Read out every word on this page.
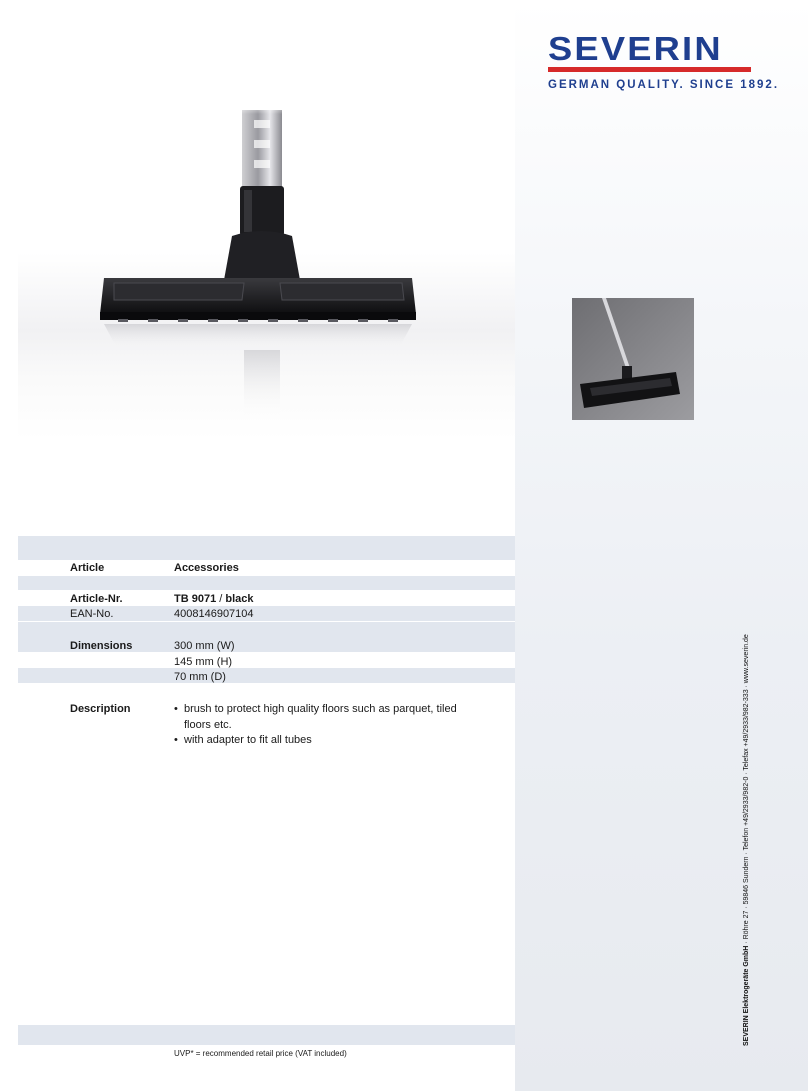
SEVERIN
GERMAN QUALITY. SINCE 1892.
Article	Accessories
Article-Nr.	TB 9071 / black
EAN-No.	4008146907104
Dimensions	300 mm (W)
145 mm (H)
70 mm (D)
Description	• brush to protect high quality floors such as parquet, tiled floors etc.
• with adapter to fit all tubes
UVP* = recommended retail price (VAT included)
SEVERIN Elektrogeräte GmbH · Röhre 27 · 59846 Sundern · Telefon +49/2933/982-0 · Telefax +49/2933/982-333 · www.severin.de
